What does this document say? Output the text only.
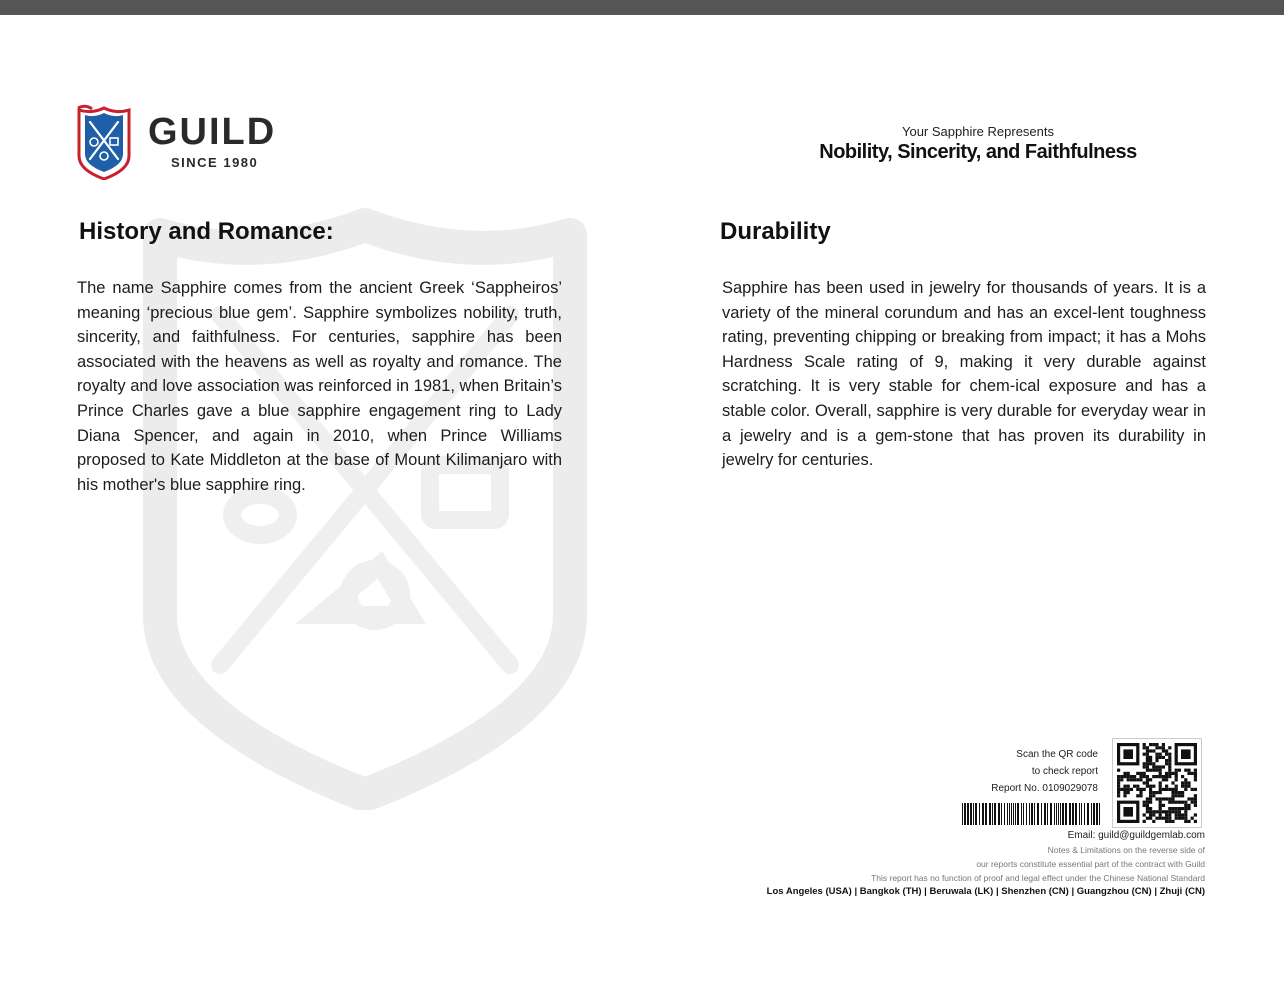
GUILD
SINCE 1980
Your Sapphire Represents
Nobility, Sincerity, and Faithfulness
History and Romance:	Durability
The name Sapphire comes from the ancient Greek ‘Sappheiros’ meaning ‘precious blue gem’. Sapphire symbolizes nobility, truth, sincerity, and faithfulness. For centuries, sapphire has been associated with the heavens as well as royalty and romance. The royalty and love association was reinforced in 1981, when Britain’s Prince Charles gave a blue sapphire engagement ring to Lady Diana Spencer, and again in 2010, when Prince Williams proposed to Kate Middleton at the base of Mount Kilimanjaro with his mother's blue sapphire ring.
Sapphire has been used in jewelry for thousands of years. It is a variety of the mineral corundum and has an excel-lent toughness rating, preventing chipping or breaking from impact; it has a Mohs Hardness Scale rating of 9, making it very durable against scratching. It is very stable for chem-ical exposure and has a stable color. Overall, sapphire is very durable for everyday wear in a jewelry and is a gem-stone that has proven its durability in jewelry for centuries.
Scan the QR code
to check report
Report No. 0109029078
Email: guild@guildgemlab.com
Notes & Limitations on the reverse side of
our reports constitute essential part of the contract with Guild
This report has no function of proof and legal effect under the Chinese National Standard
Los Angeles (USA) | Bangkok (TH) | Beruwala (LK) | Shenzhen (CN) | Guangzhou (CN) | Zhuji (CN)
